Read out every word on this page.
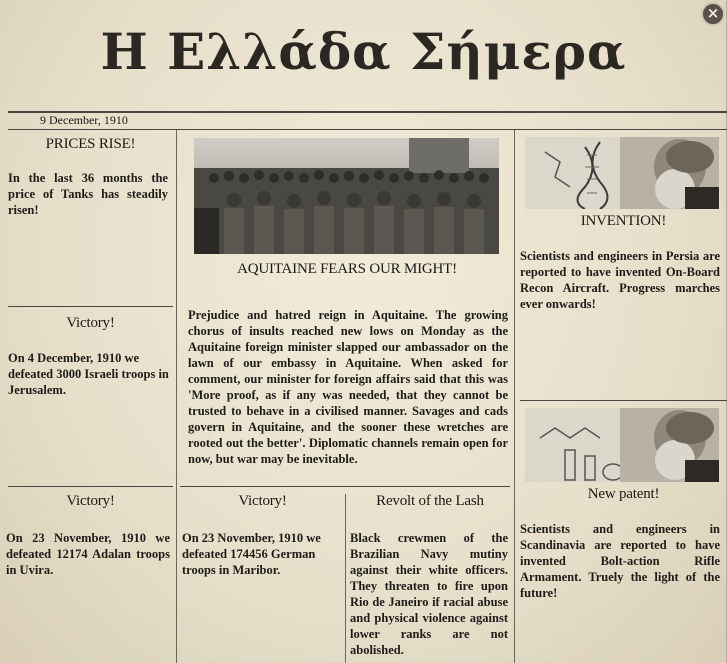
×
Η Ελλάδα Σήμερα
9 December, 1910
PRICES RISE!
In the last 36 months the price of Tanks has steadily risen!
Victory!
On 4 December, 1910 we defeated 3000 Israeli troops in Jerusalem.
AQUITAINE FEARS OUR MIGHT!
Prejudice and hatred reign in Aquitaine. The growing chorus of insults reached new lows on Monday as the Aquitaine foreign minister slapped our ambassador on the lawn of our embassy in Aquitaine. When asked for comment, our minister for foreign affairs said that this was 'More proof, as if any was needed, that they cannot be trusted to behave in a civilised manner. Savages and cads govern in Aquitaine, and the sooner these wretches are rooted out the better'. Diplomatic channels remain open for now, but war may be inevitable.
INVENTION!
Scientists and engineers in Persia are reported to have invented On-Board Recon Aircraft. Progress marches ever onwards!
New patent!
Scientists and engineers in Scandinavia are reported to have invented Bolt-action Rifle Armament. Truely the light of the future!
Victory!
On 23 November, 1910 we defeated 12174 Adalan troops in Uvira.
Victory!
On 23 November, 1910 we defeated 174456 German troops in Maribor.
Revolt of the Lash
Black crewmen of the Brazilian Navy mutiny against their white officers. They threaten to fire upon Rio de Janeiro if racial abuse and physical violence against lower ranks are not abolished.
